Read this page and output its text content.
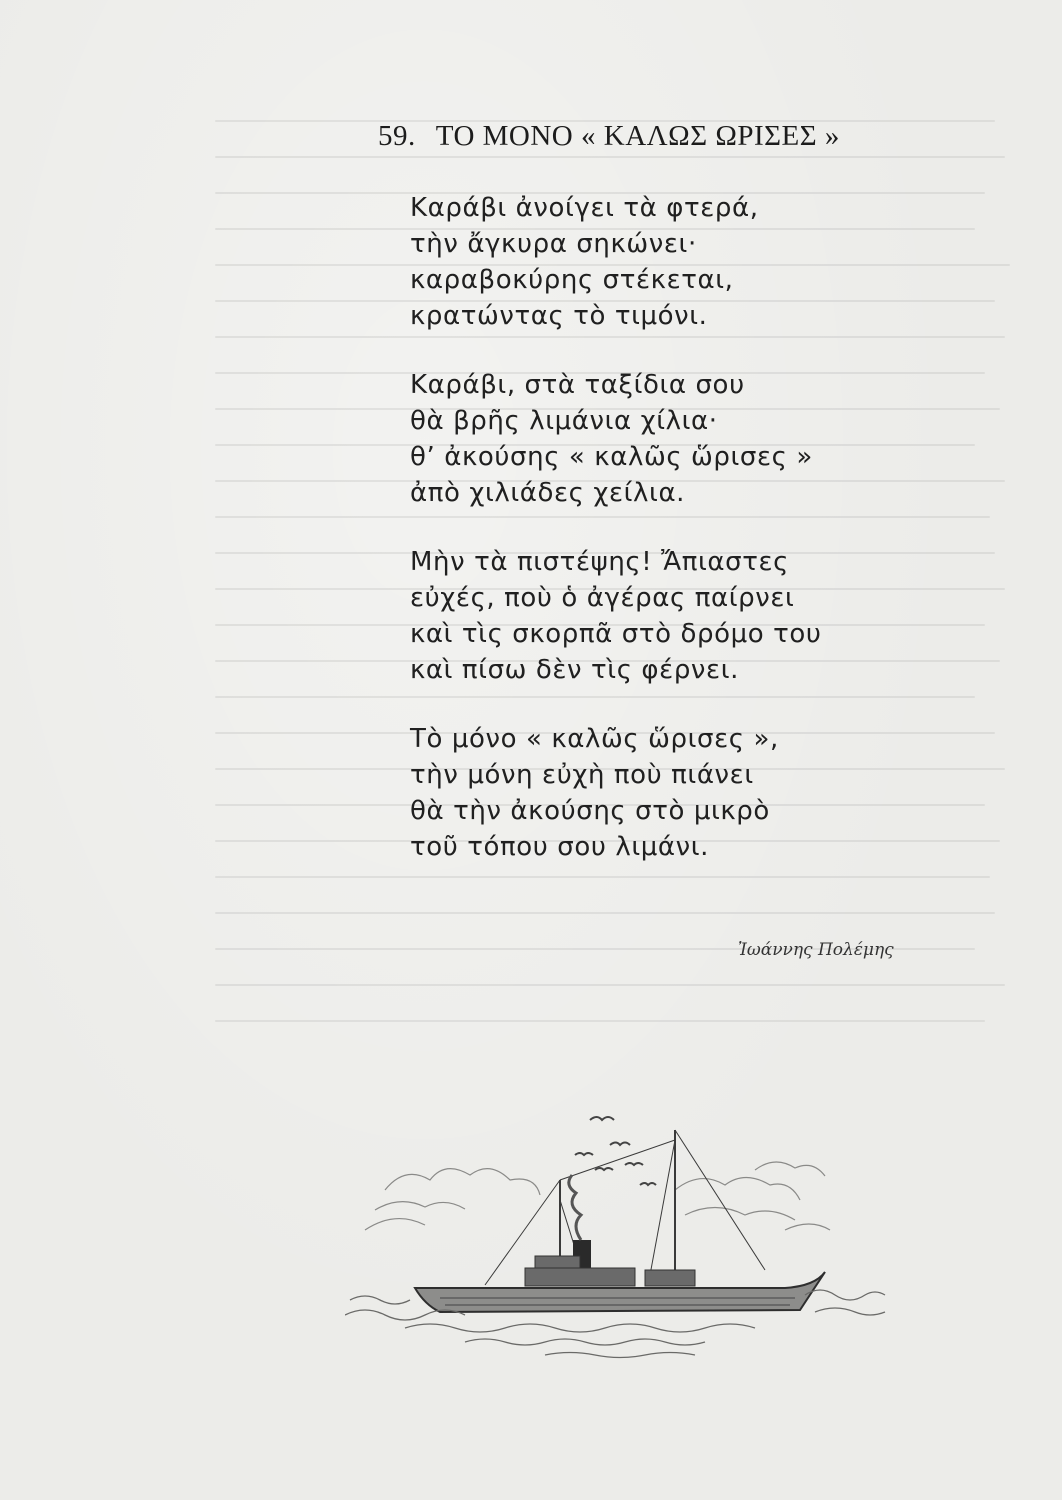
59. ΤΟ ΜΟΝΟ « ΚΑΛΩΣ ΩΡΙΣΕΣ »
Καράβι ἀνοίγει τὰ φτερά,
τὴν ἄγκυρα σηκώνει·
καραβοκύρης στέκεται,
κρατώντας τὸ τιμόνι.
Καράβι, στὰ ταξίδια σου
θὰ βρῆς λιμάνια χίλια·
θ’ ἀκούσης « καλῶς ὥρισες »
ἀπὸ χιλιάδες χείλια.
Μὴν τὰ πιστέψης! Ἄπιαστες
εὐχές, ποὺ ὁ ἀγέρας παίρνει
καὶ τὶς σκορπᾶ στὸ δρόμο του
καὶ πίσω δὲν τὶς φέρνει.
Τὸ μόνο « καλῶς ὥρισες »,
τὴν μόνη εὐχὴ ποὺ πιάνει
θὰ τὴν ἀκούσης στὸ μικρὸ
τοῦ τόπου σου λιμάνι.
Ἰωάννης Πολέμης
